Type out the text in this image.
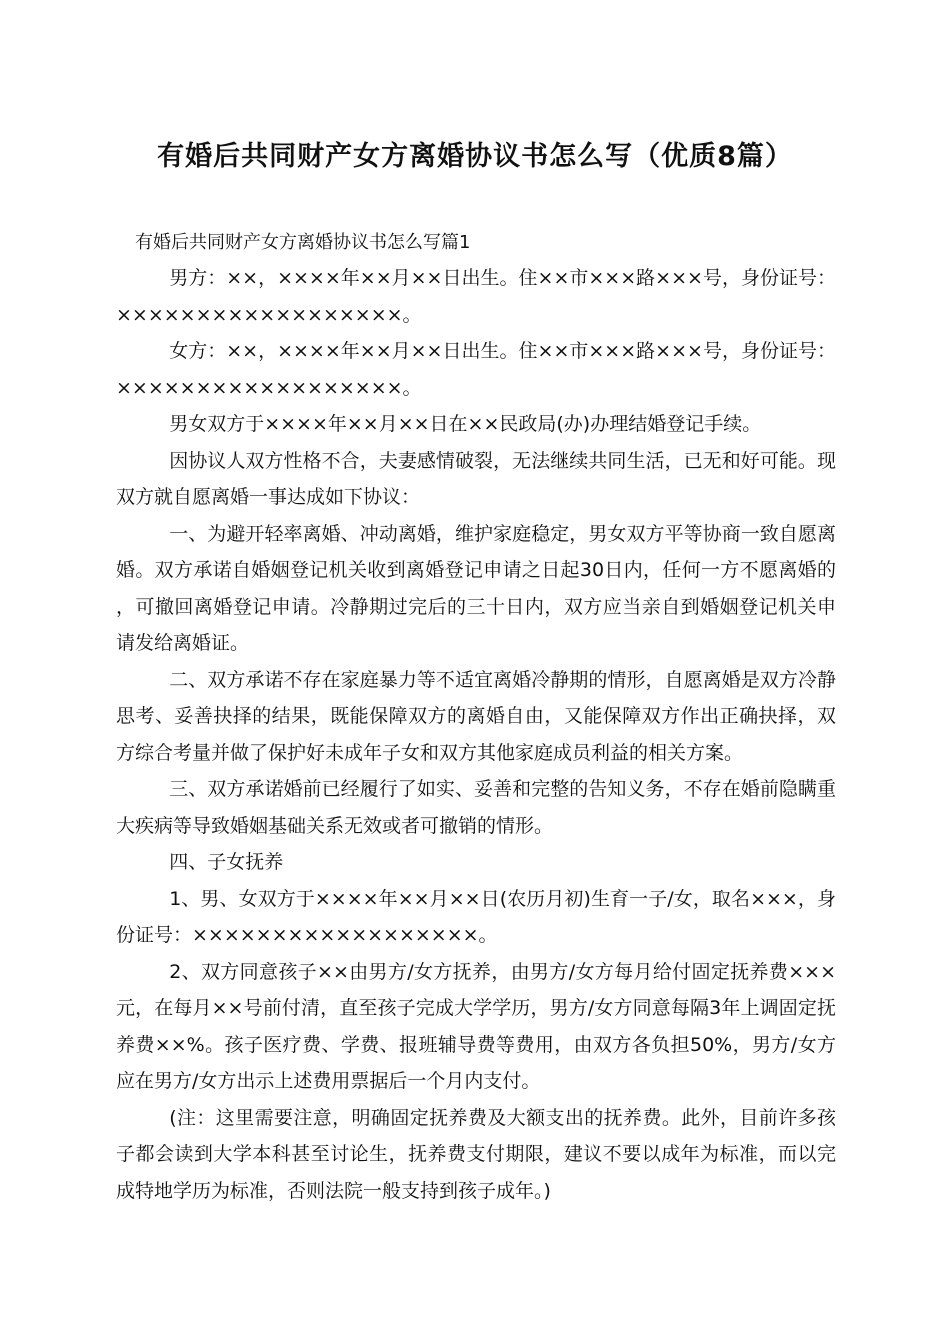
有婚后共同财产女方离婚协议书怎么写（优质8篇）
有婚后共同财产女方离婚协议书怎么写篇1

男方：××，××××年××月××日出生。住××市×××路×××号，身份证号：××××××××××××××××××。

女方：××，××××年××月××日出生。住××市×××路×××号，身份证号：××××××××××××××××××。

男女双方于××××年××月××日在××民政局(办)办理结婚登记手续。

因协议人双方性格不合，夫妻感情破裂，无法继续共同生活，已无和好可能。现双方就自愿离婚一事达成如下协议：

一、为避开轻率离婚、冲动离婚，维护家庭稳定，男女双方平等协商一致自愿离婚。双方承诺自婚姻登记机关收到离婚登记申请之日起30日内，任何一方不愿离婚的，可撤回离婚登记申请。冷静期过完后的三十日内，双方应当亲自到婚姻登记机关申请发给离婚证。

二、双方承诺不存在家庭暴力等不适宜离婚冷静期的情形，自愿离婚是双方冷静思考、妥善抉择的结果，既能保障双方的离婚自由，又能保障双方作出正确抉择，双方综合考量并做了保护好未成年子女和双方其他家庭成员利益的相关方案。

三、双方承诺婚前已经履行了如实、妥善和完整的告知义务，不存在婚前隐瞒重大疾病等导致婚姻基础关系无效或者可撤销的情形。

四、子女抚养

1、男、女双方于××××年××月××日(农历月初)生育一子/女，取名×××，身份证号：××××××××××××××××××。

2、双方同意孩子××由男方/女方抚养，由男方/女方每月给付固定抚养费×××元，在每月××号前付清，直至孩子完成大学学历，男方/女方同意每隔3年上调固定抚养费××%。孩子医疗费、学费、报班辅导费等费用，由双方各负担50%，男方/女方应在男方/女方出示上述费用票据后一个月内支付。

(注：这里需要注意，明确固定抚养费及大额支出的抚养费。此外，目前许多孩子都会读到大学本科甚至讨论生，抚养费支付期限，建议不要以成年为标准，而以完成特地学历为标准，否则法院一般支持到孩子成年。)
